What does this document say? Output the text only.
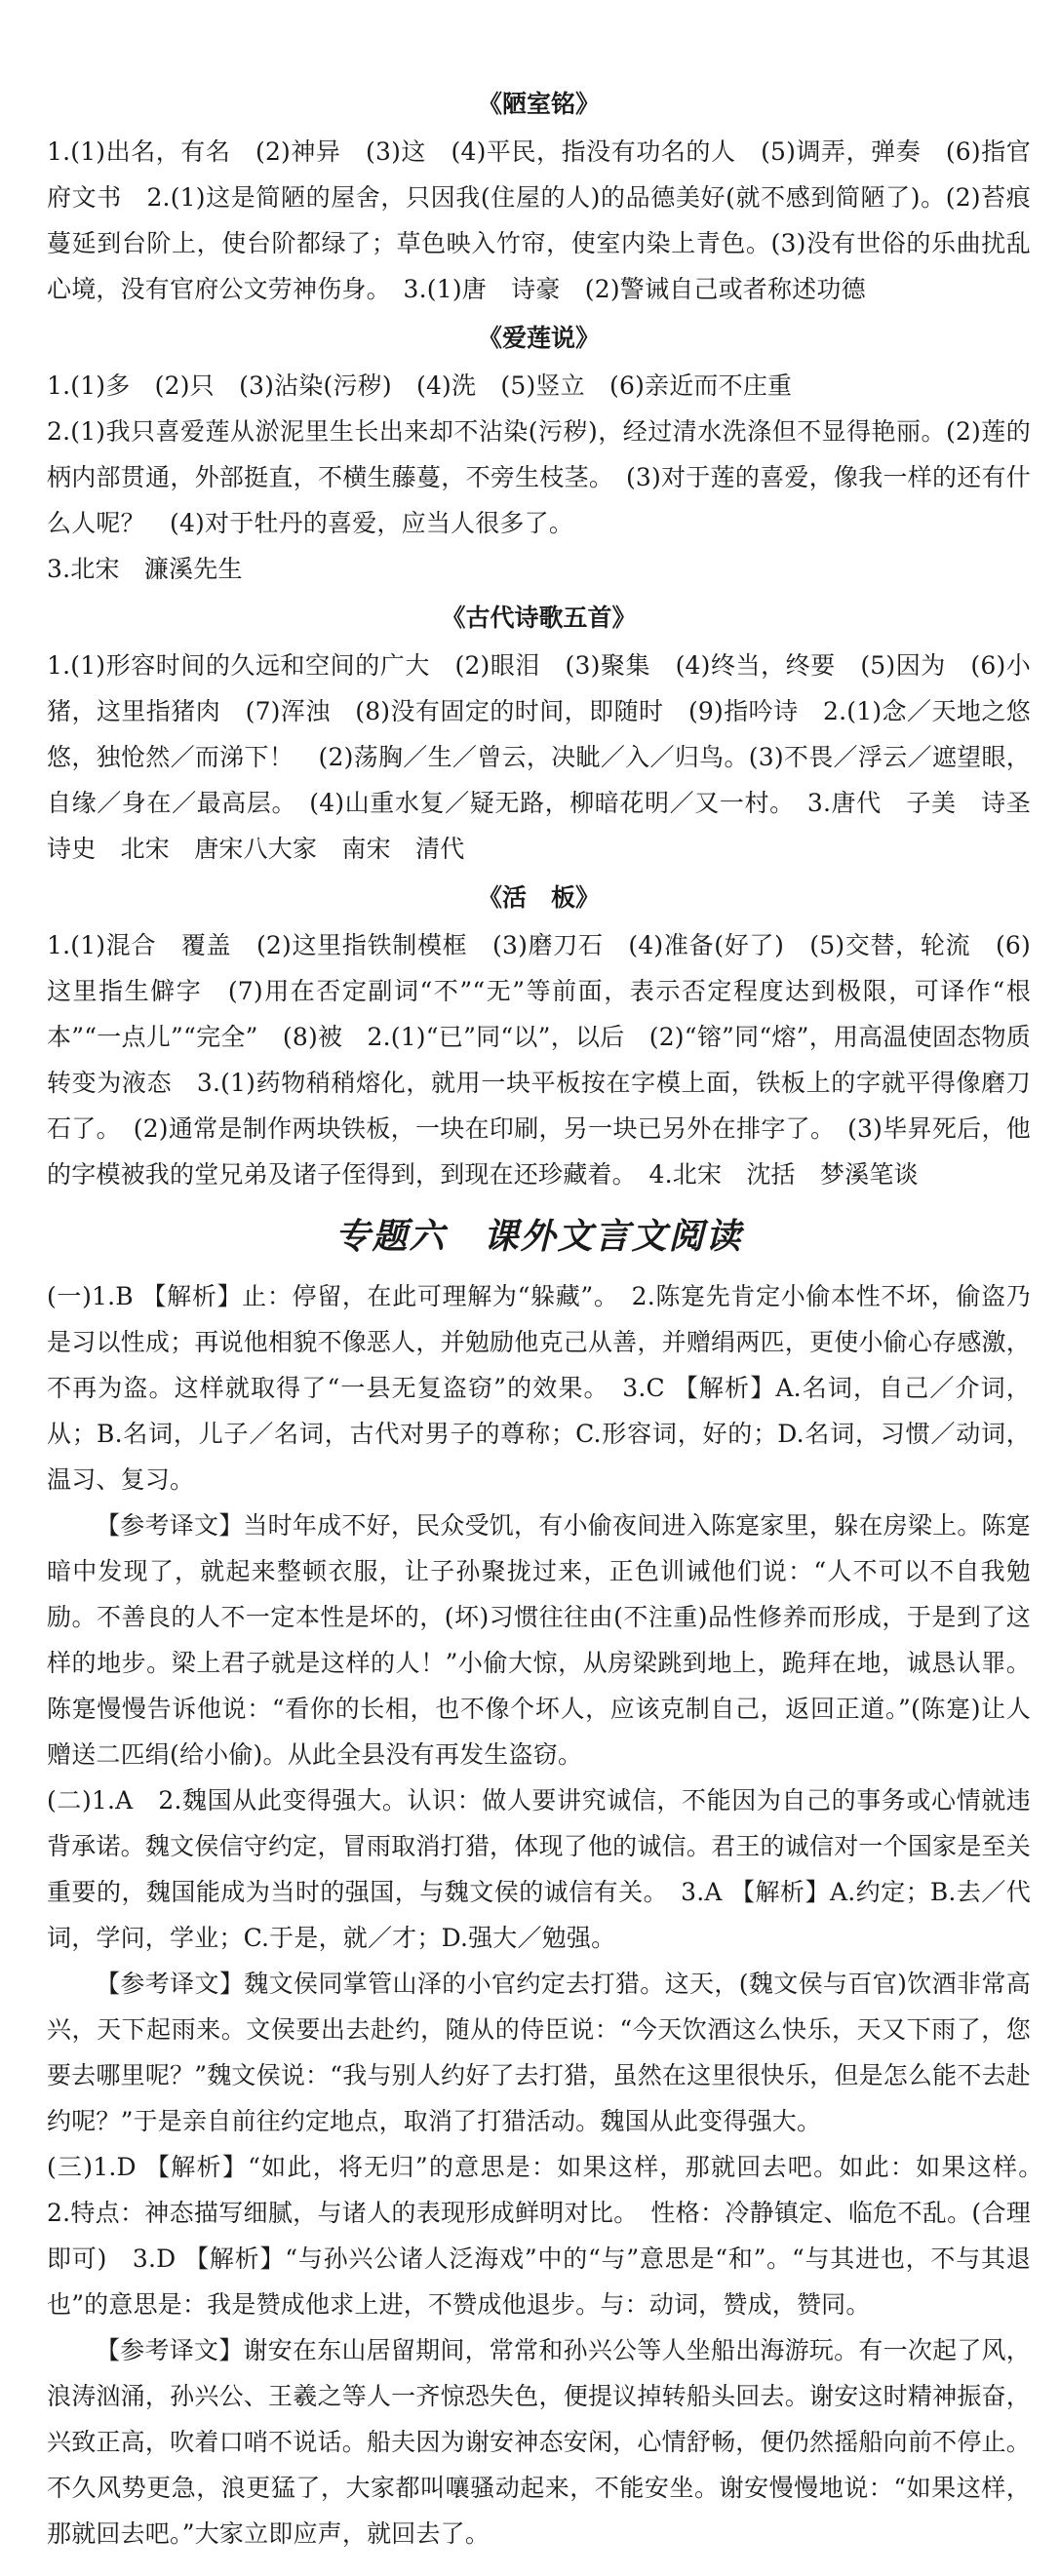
《陋室铭》
1.(1)出名，有名　(2)神异　(3)这　(4)平民，指没有功名的人　(5)调弄，弹奏　(6)指官府文书　2.(1)这是简陋的屋舍，只因我(住屋的人)的品德美好(就不感到简陋了)。(2)苔痕蔓延到台阶上，使台阶都绿了；草色映入竹帘，使室内染上青色。(3)没有世俗的乐曲扰乱心境，没有官府公文劳神伤身。　3.(1)唐　诗豪　(2)警诫自己或者称述功德
《爱莲说》
1.(1)多　(2)只　(3)沾染(污秽)　(4)洗　(5)竖立　(6)亲近而不庄重
2.(1)我只喜爱莲从淤泥里生长出来却不沾染(污秽)，经过清水洗涤但不显得艳丽。(2)莲的柄内部贯通，外部挺直，不横生藤蔓，不旁生枝茎。　(3)对于莲的喜爱，像我一样的还有什么人呢？　(4)对于牡丹的喜爱，应当人很多了。
3.北宋　濂溪先生
《古代诗歌五首》
1.(1)形容时间的久远和空间的广大　(2)眼泪　(3)聚集　(4)终当，终要　(5)因为　(6)小猪，这里指猪肉　(7)浑浊　(8)没有固定的时间，即随时　(9)指吟诗　2.(1)念／天地之悠悠，独怆然／而涕下！　(2)荡胸／生／曾云，决眦／入／归鸟。(3)不畏／浮云／遮望眼，自缘／身在／最高层。　(4)山重水复／疑无路，柳暗花明／又一村。　3.唐代　子美　诗圣　诗史　北宋　唐宋八大家　南宋　清代
《活　板》
1.(1)混合　覆盖　(2)这里指铁制模框　(3)磨刀石　(4)准备(好了)　(5)交替，轮流　(6)这里指生僻字　(7)用在否定副词“不”“无”等前面，表示否定程度达到极限，可译作“根本”“一点儿”“完全”　(8)被　2.(1)“已”同“以”，以后　(2)“镕”同“熔”，用高温使固态物质转变为液态　3.(1)药物稍稍熔化，就用一块平板按在字模上面，铁板上的字就平得像磨刀石了。　(2)通常是制作两块铁板，一块在印刷，另一块已另外在排字了。　(3)毕昇死后，他的字模被我的堂兄弟及诸子侄得到，到现在还珍藏着。　4.北宋　沈括　梦溪笔谈
专题六　课外文言文阅读
(一)1.B 【解析】止：停留，在此可理解为“躲藏”。　2.陈寔先肯定小偷本性不坏，偷盗乃是习以性成；再说他相貌不像恶人，并勉励他克己从善，并赠绢两匹，更使小偷心存感激，不再为盗。这样就取得了“一县无复盗窃”的效果。　3.C 【解析】A.名词，自己／介词，从；B.名词，儿子／名词，古代对男子的尊称；C.形容词，好的；D.名词，习惯／动词，温习、复习。
【参考译文】当时年成不好，民众受饥，有小偷夜间进入陈寔家里，躲在房梁上。陈寔暗中发现了，就起来整顿衣服，让子孙聚拢过来，正色训诫他们说：“人不可以不自我勉励。不善良的人不一定本性是坏的，(坏)习惯往往由(不注重)品性修养而形成，于是到了这样的地步。梁上君子就是这样的人！”小偷大惊，从房梁跳到地上，跪拜在地，诚恳认罪。陈寔慢慢告诉他说：“看你的长相，也不像个坏人，应该克制自己，返回正道。”(陈寔)让人赠送二匹绢(给小偷)。从此全县没有再发生盗窃。
(二)1.A　2.魏国从此变得强大。认识：做人要讲究诚信，不能因为自己的事务或心情就违背承诺。魏文侯信守约定，冒雨取消打猎，体现了他的诚信。君王的诚信对一个国家是至关重要的，魏国能成为当时的强国，与魏文侯的诚信有关。　3.A 【解析】A.约定；B.去／代词，学问，学业；C.于是，就／才；D.强大／勉强。
【参考译文】魏文侯同掌管山泽的小官约定去打猎。这天，(魏文侯与百官)饮酒非常高兴，天下起雨来。文侯要出去赴约，随从的侍臣说：“今天饮酒这么快乐，天又下雨了，您要去哪里呢？”魏文侯说：“我与别人约好了去打猎，虽然在这里很快乐，但是怎么能不去赴约呢？”于是亲自前往约定地点，取消了打猎活动。魏国从此变得强大。
(三)1.D 【解析】“如此，将无归”的意思是：如果这样，那就回去吧。如此：如果这样。　2.特点：神态描写细腻，与诸人的表现形成鲜明对比。　性格：冷静镇定、临危不乱。(合理即可)　3.D 【解析】“与孙兴公诸人泛海戏”中的“与”意思是“和”。“与其进也，不与其退也”的意思是：我是赞成他求上进，不赞成他退步。与：动词，赞成，赞同。
【参考译文】谢安在东山居留期间，常常和孙兴公等人坐船出海游玩。有一次起了风，浪涛汹涌，孙兴公、王羲之等人一齐惊恐失色，便提议掉转船头回去。谢安这时精神振奋，兴致正高，吹着口哨不说话。船夫因为谢安神态安闲，心情舒畅，便仍然摇船向前不停止。不久风势更急，浪更猛了，大家都叫嚷骚动起来，不能安坐。谢安慢慢地说：“如果这样，那就回去吧。”大家立即应声，就回去了。
